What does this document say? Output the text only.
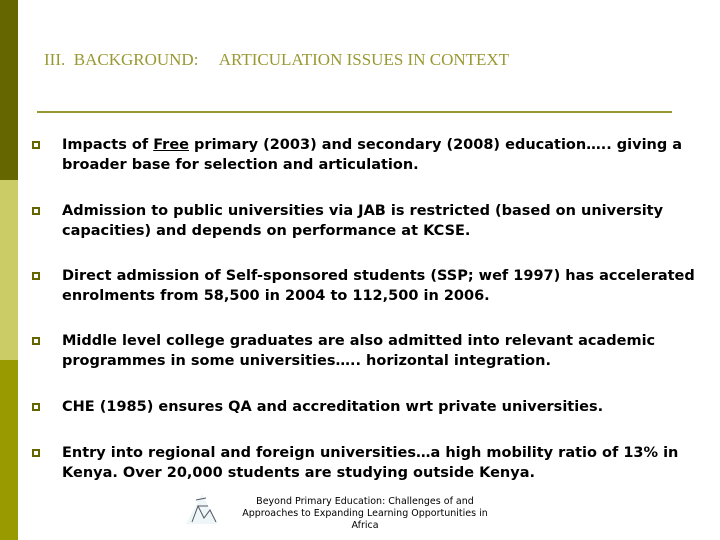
III.  BACKGROUND:     ARTICULATION ISSUES IN CONTEXT
Impacts of Free primary (2003) and secondary (2008) education….. giving a broader base for selection and articulation.
Admission to public universities via JAB is restricted (based on university capacities) and depends on performance at KCSE.
Direct admission of Self-sponsored students (SSP; wef 1997) has accelerated enrolments from 58,500 in 2004 to 112,500 in 2006.
Middle level college graduates are also admitted into relevant academic programmes in some universities….. horizontal integration.
CHE (1985) ensures QA and accreditation wrt private universities.
Entry into regional and foreign universities…a high mobility ratio of 13% in Kenya. Over 20,000 students are studying outside Kenya.
Beyond Primary Education: Challenges of and Approaches to Expanding Learning Opportunities in Africa
